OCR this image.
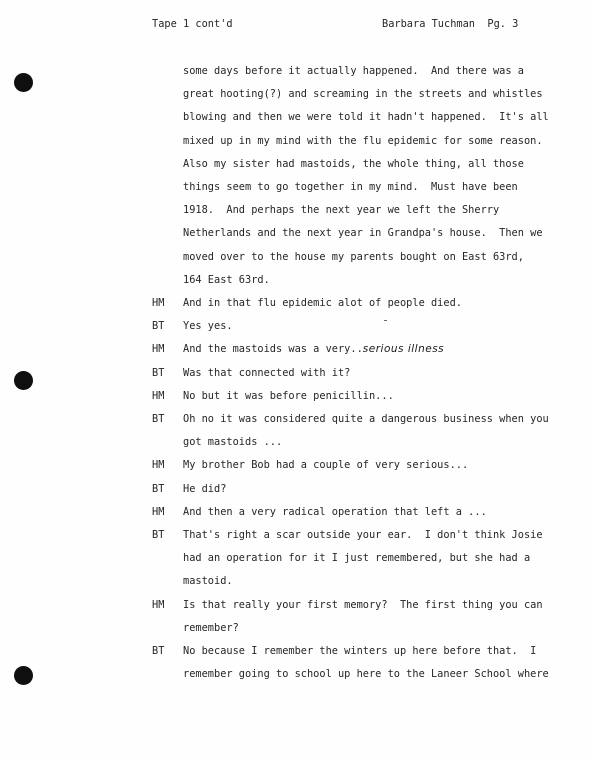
Tape 1 cont'd	Barbara Tuchman  Pg. 3
some days before it actually happened.  And there was a
great hooting(?) and screaming in the streets and whistles
blowing and then we were told it hadn't happened.  It's all
mixed up in my mind with the flu epidemic for some reason.
Also my sister had mastoids, the whole thing, all those
things seem to go together in my mind.  Must have been
1918.  And perhaps the next year we left the Sherry
Netherlands and the next year in Grandpa's house.  Then we
moved over to the house my parents bought on East 63rd,
164 East 63rd.
HM	And in that flu epidemic alot of people died.
BT	Yes yes.
HM	And the mastoids was a very..serious illness
BT	Was that connected with it?
HM	No but it was before penicillin...
BT	Oh no it was considered quite a dangerous business when you
got mastoids ...
HM	My brother Bob had a couple of very serious...
BT	He did?
HM	And then a very radical operation that left a ...
BT	That's right a scar outside your ear.  I don't think Josie
had an operation for it I just remembered, but she had a
mastoid.
HM	Is that really your first memory?  The first thing you can
remember?
BT	No because I remember the winters up here before that.  I
remember going to school up here to the Laneer School where
